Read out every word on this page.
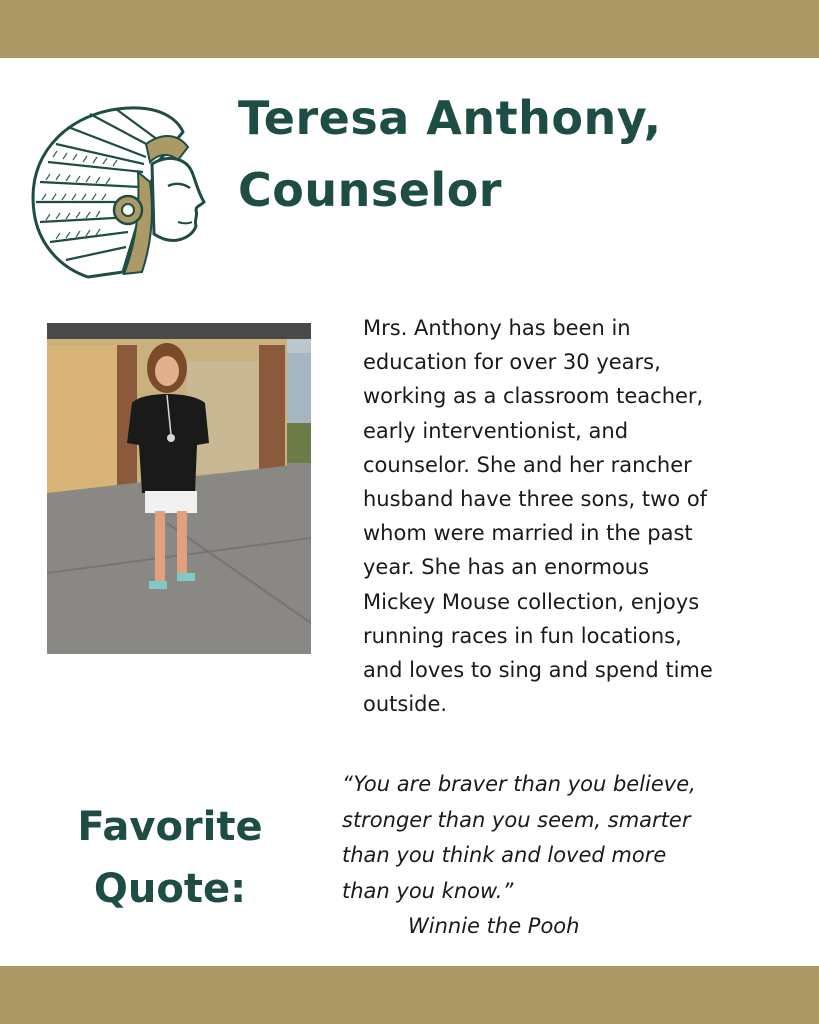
Teresa Anthony,
Counselor

Mrs. Anthony has been in
education for over 30 years,
working as a classroom teacher,
early interventionist, and
counselor. She and her rancher
husband have three sons, two of
whom were married in the past
year. She has an enormous
Mickey Mouse collection, enjoys
running races in fun locations,
and loves to sing and spend time
outside.

Favorite
Quote:
“You are braver than you believe,
stronger than you seem, smarter
than you think and loved more
than you know.”
Winnie the Pooh
